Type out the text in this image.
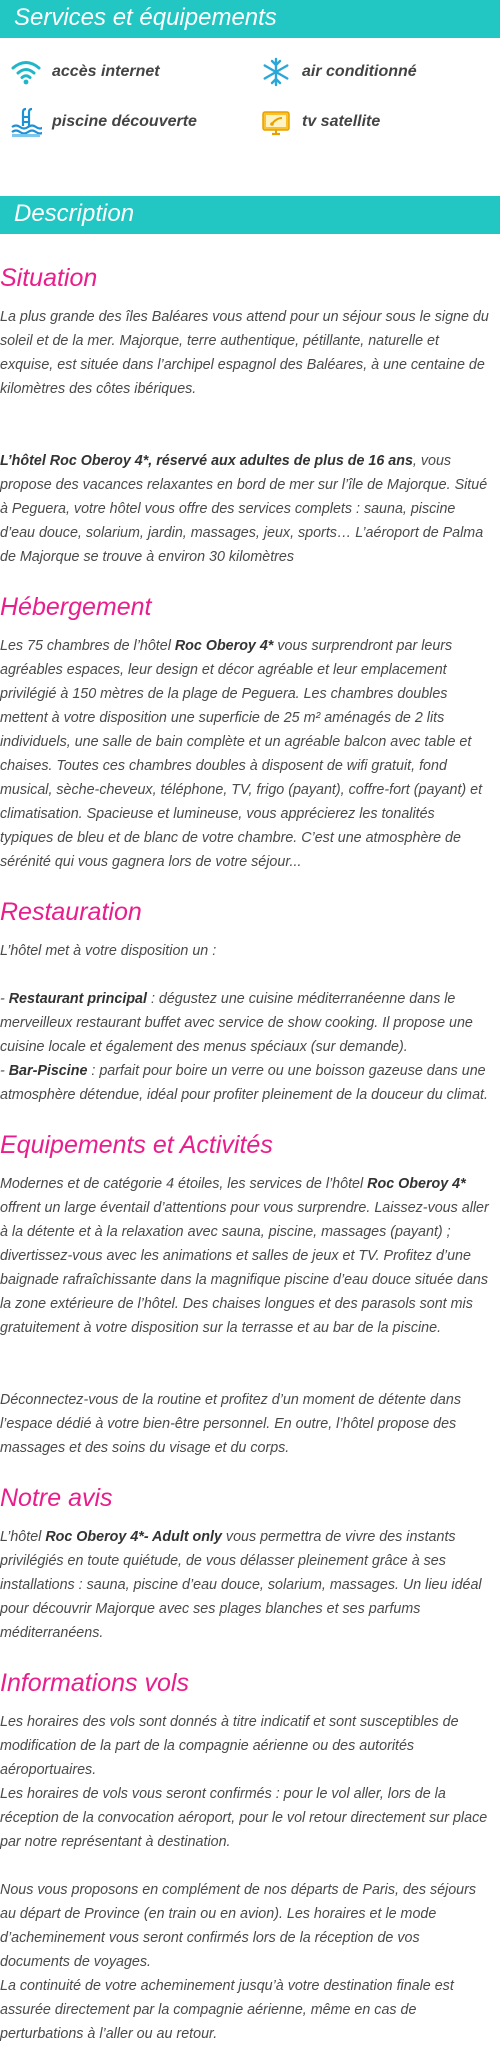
Services et équipements
accès internet	air conditionné
piscine découverte	tv satellite
Description
Situation

La plus grande des îles Baléares vous attend pour un séjour sous le signe du soleil et de la mer. Majorque, terre authentique, pétillante, naturelle et exquise, est située dans l’archipel espagnol des Baléares, à une centaine de kilomètres des côtes ibériques.

L’hôtel Roc Oberoy 4*, réservé aux adultes de plus de 16 ans, vous propose des vacances relaxantes en bord de mer sur l’île de Majorque. Situé à Peguera, votre hôtel vous offre des services complets : sauna, piscine d’eau douce, solarium, jardin, massages, jeux, sports… L’aéroport de Palma de Majorque se trouve à environ 30 kilomètres

Hébergement

Les 75 chambres de l’hôtel Roc Oberoy 4* vous surprendront par leurs agréables espaces, leur design et décor agréable et leur emplacement privilégié à 150 mètres de la plage de Peguera. Les chambres doubles mettent à votre disposition une superficie de 25 m² aménagés de 2 lits individuels, une salle de bain complète et un agréable balcon avec table et chaises. Toutes ces chambres doubles à disposent de wifi gratuit, fond musical, sèche-cheveux, téléphone, TV, frigo (payant), coffre-fort (payant) et climatisation. Spacieuse et lumineuse, vous apprécierez les tonalités typiques de bleu et de blanc de votre chambre. C’est une atmosphère de sérénité qui vous gagnera lors de votre séjour...

Restauration

L’hôtel met à votre disposition un :

- Restaurant principal : dégustez une cuisine méditerranéenne dans le merveilleux restaurant buffet avec service de show cooking. Il propose une cuisine locale et également des menus spéciaux (sur demande).
- Bar-Piscine : parfait pour boire un verre ou une boisson gazeuse dans une atmosphère détendue, idéal pour profiter pleinement de la douceur du climat.

Equipements et Activités

Modernes et de catégorie 4 étoiles, les services de l’hôtel Roc Oberoy 4* offrent un large éventail d’attentions pour vous surprendre. Laissez-vous aller à la détente et à la relaxation avec sauna, piscine, massages (payant) ; divertissez-vous avec les animations et salles de jeux et TV. Profitez d’une baignade rafraîchissante dans la magnifique piscine d’eau douce située dans la zone extérieure de l’hôtel. Des chaises longues et des parasols sont mis gratuitement à votre disposition sur la terrasse et au bar de la piscine.

Déconnectez-vous de la routine et profitez d’un moment de détente dans l’espace dédié à votre bien-être personnel. En outre, l’hôtel propose des massages et des soins du visage et du corps.

Notre avis

L’hôtel Roc Oberoy 4*- Adult only vous permettra de vivre des instants privilégiés en toute quiétude, de vous délasser pleinement grâce à ses installations : sauna, piscine d’eau douce, solarium, massages. Un lieu idéal pour découvrir Majorque avec ses plages blanches et ses parfums méditerranéens.

Informations vols

Les horaires des vols sont donnés à titre indicatif et sont susceptibles de modification de la part de la compagnie aérienne ou des autorités aéroportuaires.
Les horaires de vols vous seront confirmés : pour le vol aller, lors de la réception de la convocation aéroport, pour le vol retour directement sur place par notre représentant à destination.

Nous vous proposons en complément de nos départs de Paris, des séjours au départ de Province (en train ou en avion). Les horaires et le mode d’acheminement vous seront confirmés lors de la réception de vos documents de voyages.
La continuité de votre acheminement jusqu’à votre destination finale est assurée directement par la compagnie aérienne, même en cas de perturbations à l’aller ou au retour.
